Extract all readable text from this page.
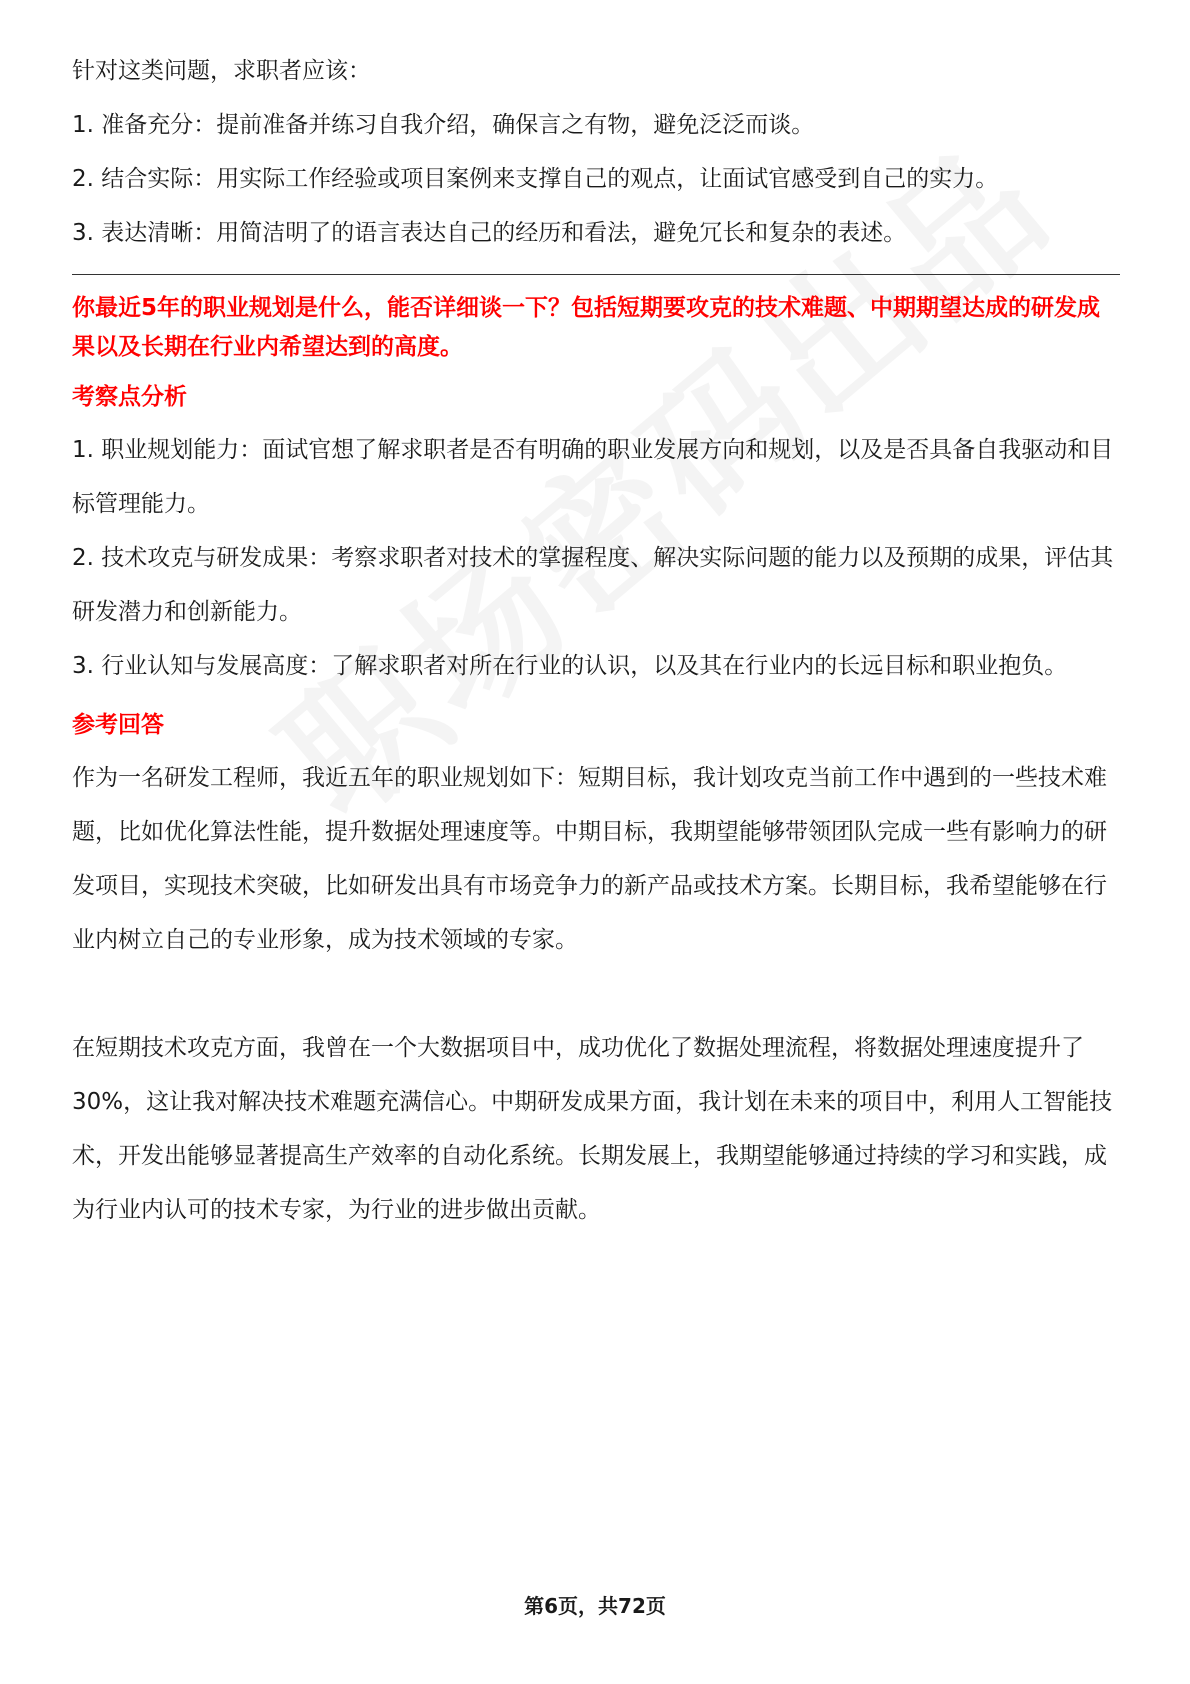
针对这类问题，求职者应该：

1. 准备充分：提前准备并练习自我介绍，确保言之有物，避免泛泛而谈。

2. 结合实际：用实际工作经验或项目案例来支撑自己的观点，让面试官感受到自己的实力。

3. 表达清晰：用简洁明了的语言表达自己的经历和看法，避免冗长和复杂的表述。

你最近5年的职业规划是什么，能否详细谈一下？包括短期要攻克的技术难题、中期期望达成的研发成果以及长期在行业内希望达到的高度。

考察点分析

1. 职业规划能力：面试官想了解求职者是否有明确的职业发展方向和规划，以及是否具备自我驱动和目标管理能力。

2. 技术攻克与研发成果：考察求职者对技术的掌握程度、解决实际问题的能力以及预期的成果，评估其研发潜力和创新能力。

3. 行业认知与发展高度：了解求职者对所在行业的认识，以及其在行业内的长远目标和职业抱负。

参考回答

作为一名研发工程师，我近五年的职业规划如下：短期目标，我计划攻克当前工作中遇到的一些技术难题，比如优化算法性能，提升数据处理速度等。中期目标，我期望能够带领团队完成一些有影响力的研发项目，实现技术突破，比如研发出具有市场竞争力的新产品或技术方案。长期目标，我希望能够在行业内树立自己的专业形象，成为技术领域的专家。

在短期技术攻克方面，我曾在一个大数据项目中，成功优化了数据处理流程，将数据处理速度提升了30%，这让我对解决技术难题充满信心。中期研发成果方面，我计划在未来的项目中，利用人工智能技术，开发出能够显著提高生产效率的自动化系统。长期发展上，我期望能够通过持续的学习和实践，成为行业内认可的技术专家，为行业的进步做出贡献。

第6页，共72页
